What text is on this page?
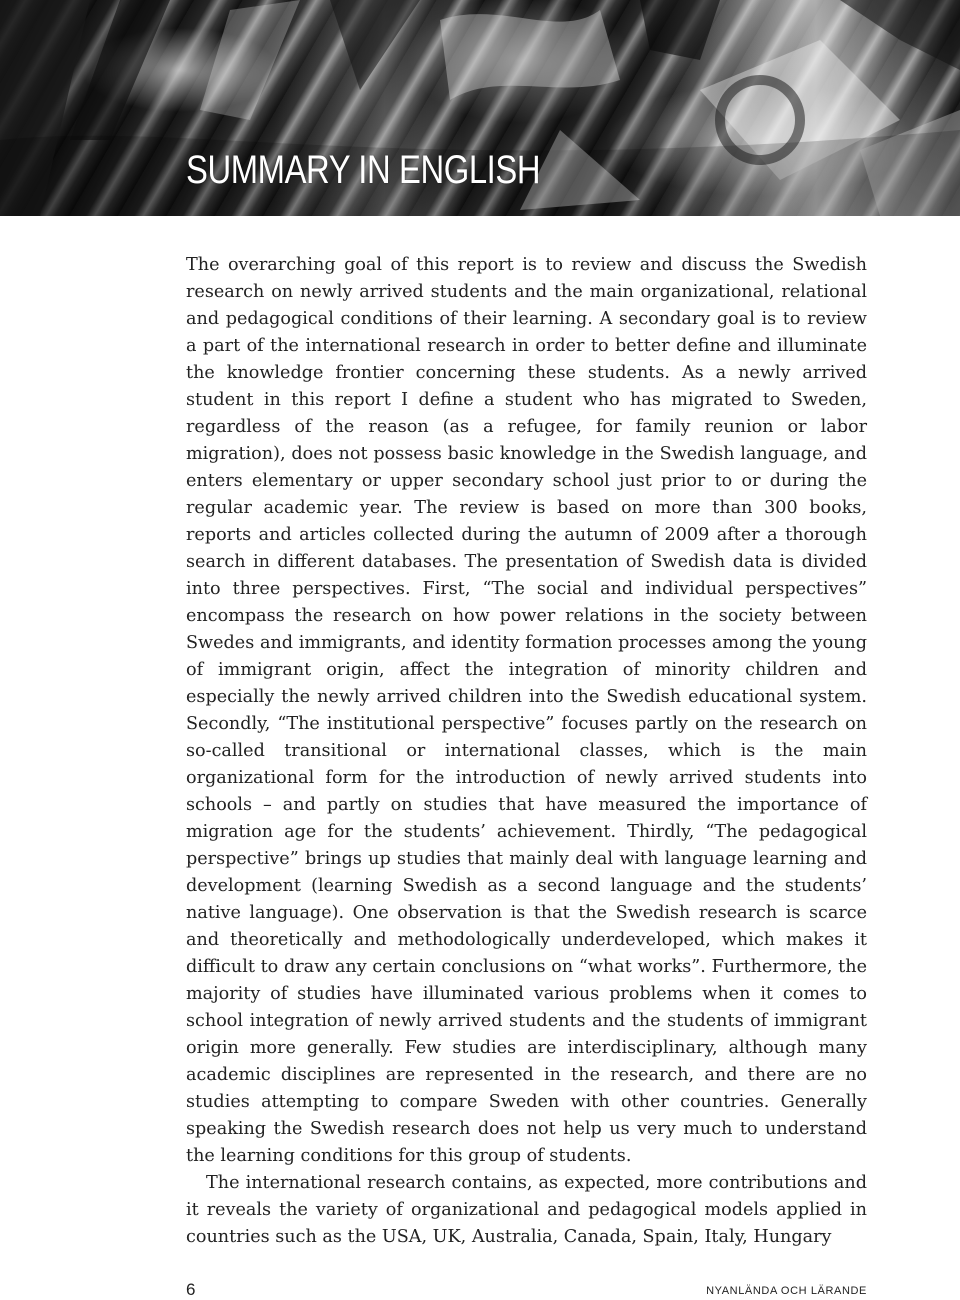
SUMMARY IN ENGLISH

The overarching goal of this report is to review and discuss the Swedish research on newly arrived students and the main organizational, relational and pedagogical conditions of their learning. A secondary goal is to review a part of the international research in order to better define and illuminate the knowledge frontier concerning these students. As a newly arrived student in this report I define a student who has migrated to Sweden, regardless of the reason (as a refugee, for family reunion or labor migration), does not possess basic knowledge in the Swedish language, and enters elementary or upper secondary school just prior to or during the regular academic year. The review is based on more than 300 books, reports and articles collected during the autumn of 2009 after a thorough search in different databases. The presentation of Swedish data is divided into three perspectives. First, “The social and individual perspectives” encompass the research on how power relations in the society between Swedes and immigrants, and identity formation processes among the young of immigrant origin, affect the integration of minority children and especially the newly arrived children into the Swedish educational system. Secondly, “The institutional perspective” focuses partly on the research on so-called transitional or international classes, which is the main organizational form for the introduction of newly arrived students into schools – and partly on studies that have measured the importance of migration age for the students’ achievement. Thirdly, “The pedagogical perspective” brings up studies that mainly deal with language learning and development (learning Swedish as a second language and the students’ native language). One observation is that the Swedish research is scarce and theoretically and methodologically underdeveloped, which makes it difficult to draw any certain conclusions on “what works”. Furthermore, the majority of studies have illuminated various problems when it comes to school integration of newly arrived students and the students of immigrant origin more generally. Few studies are interdisciplinary, although many academic disciplines are represented in the research, and there are no studies attempting to compare Sweden with other countries. Generally speaking the Swedish research does not help us very much to understand the learning conditions for this group of students.

The international research contains, as expected, more contributions and it reveals the variety of organizational and pedagogical models applied in countries such as the USA, UK, Australia, Canada, Spain, Italy, Hungary

6	NYANLÄNDA OCH LÄRANDE
